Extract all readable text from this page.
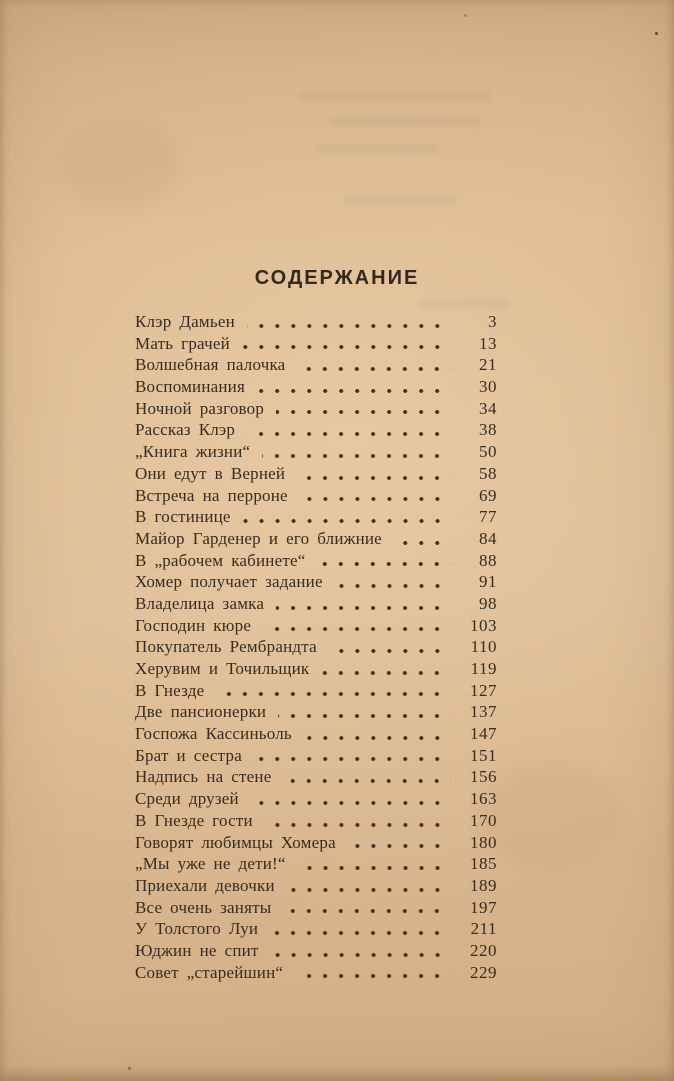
СОДЕРЖАНИЕ
Клэр Дамьен	3
Мать грачей	13
Волшебная палочка	21
Воспоминания	30
Ночной разговор	34
Рассказ Клэр	38
„Книга жизни“	50
Они едут в Верней	58
Встреча на перроне	69
В гостинице	77
Майор Гарденер и его ближние	84
В „рабочем кабинете“	88
Хомер получает задание	91
Владелица замка	98
Господин кюре	103
Покупатель Рембрандта	110
Херувим и Точильщик	119
В Гнезде	127
Две пансионерки	137
Госпожа Кассиньоль	147
Брат и сестра	151
Надпись на стене	156
Среди друзей	163
В Гнезде гости	170
Говорят любимцы Хомера	180
„Мы уже не дети!“	185
Приехали девочки	189
Все очень заняты	197
У Толстого Луи	211
Юджин не спит	220
Совет „старейшин“	229
